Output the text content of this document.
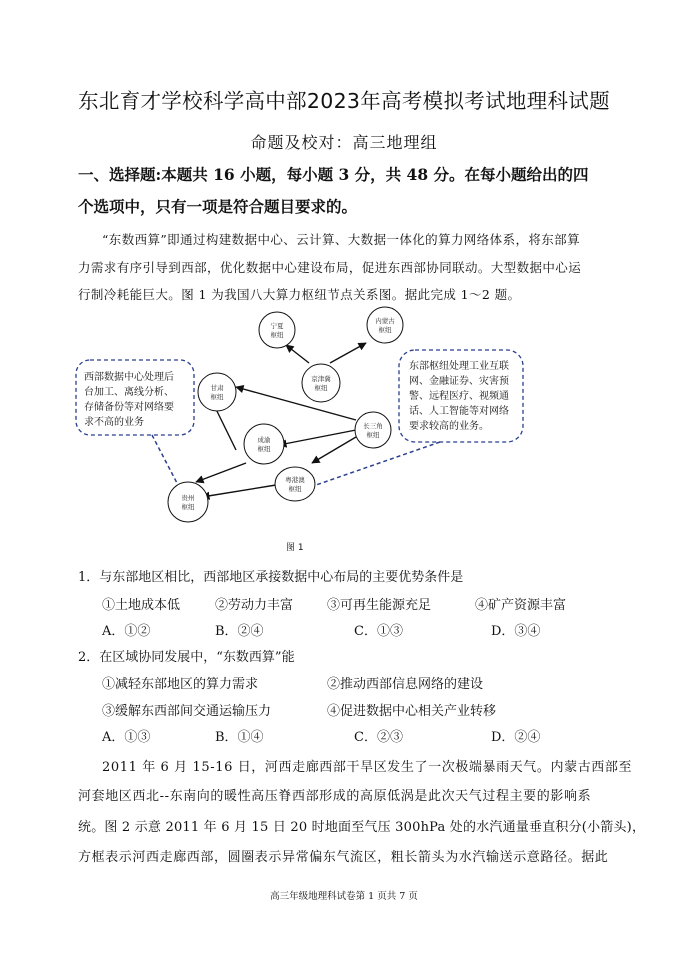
东北育才学校科学高中部2023年高考模拟考试地理科试题
命题及校对：高三地理组
一、选择题:本题共 16 小题，每小题 3 分，共 48 分。在每小题给出的四
个选项中，只有一项是符合题目要求的。
“东数西算”即通过构建数据中心、云计算、大数据一体化的算力网络体系，将东部算
力需求有序引导到西部，优化数据中心建设布局，促进东西部协同联动。大型数据中心运
行制冷耗能巨大。图 1 为我国八大算力枢纽节点关系图。据此完成 1～2 题。
宁夏
枢纽
内蒙古
枢纽
京津冀
枢纽
甘肃
枢纽
长三角
枢纽
成渝
枢纽
粤港澳
枢纽
贵州
枢纽
西部数据中心处理后
台加工、离线分析、
存储备份等对网络要
求不高的业务
东部枢纽处理工业互联
网、金融证券、灾害预
警、远程医疗、视频通
话、人工智能等对网络
要求较高的业务。
图 1
1．与东部地区相比，西部地区承接数据中心布局的主要优势条件是
①土地成本低	②劳动力丰富	③可再生能源充足	④矿产资源丰富
A．①②	B．②④	C．①③	D．③④
2．在区域协同发展中，“东数西算”能
①减轻东部地区的算力需求	②推动西部信息网络的建设
③缓解东西部间交通运输压力	④促进数据中心相关产业转移
A．①③	B．①④	C．②③	D．②④
2011 年 6 月 15-16 日，河西走廊西部干旱区发生了一次极端暴雨天气。内蒙古西部至
河套地区西北--东南向的暖性高压脊西部形成的高原低涡是此次天气过程主要的影响系
统。图 2 示意 2011 年 6 月 15 日 20 时地面至气压 300hPa 处的水汽通量垂直积分(小箭头)，
方框表示河西走廊西部，圆圈表示异常偏东气流区，粗长箭头为水汽输送示意路径。据此
高三年级地理科试卷第 1 页共 7 页
